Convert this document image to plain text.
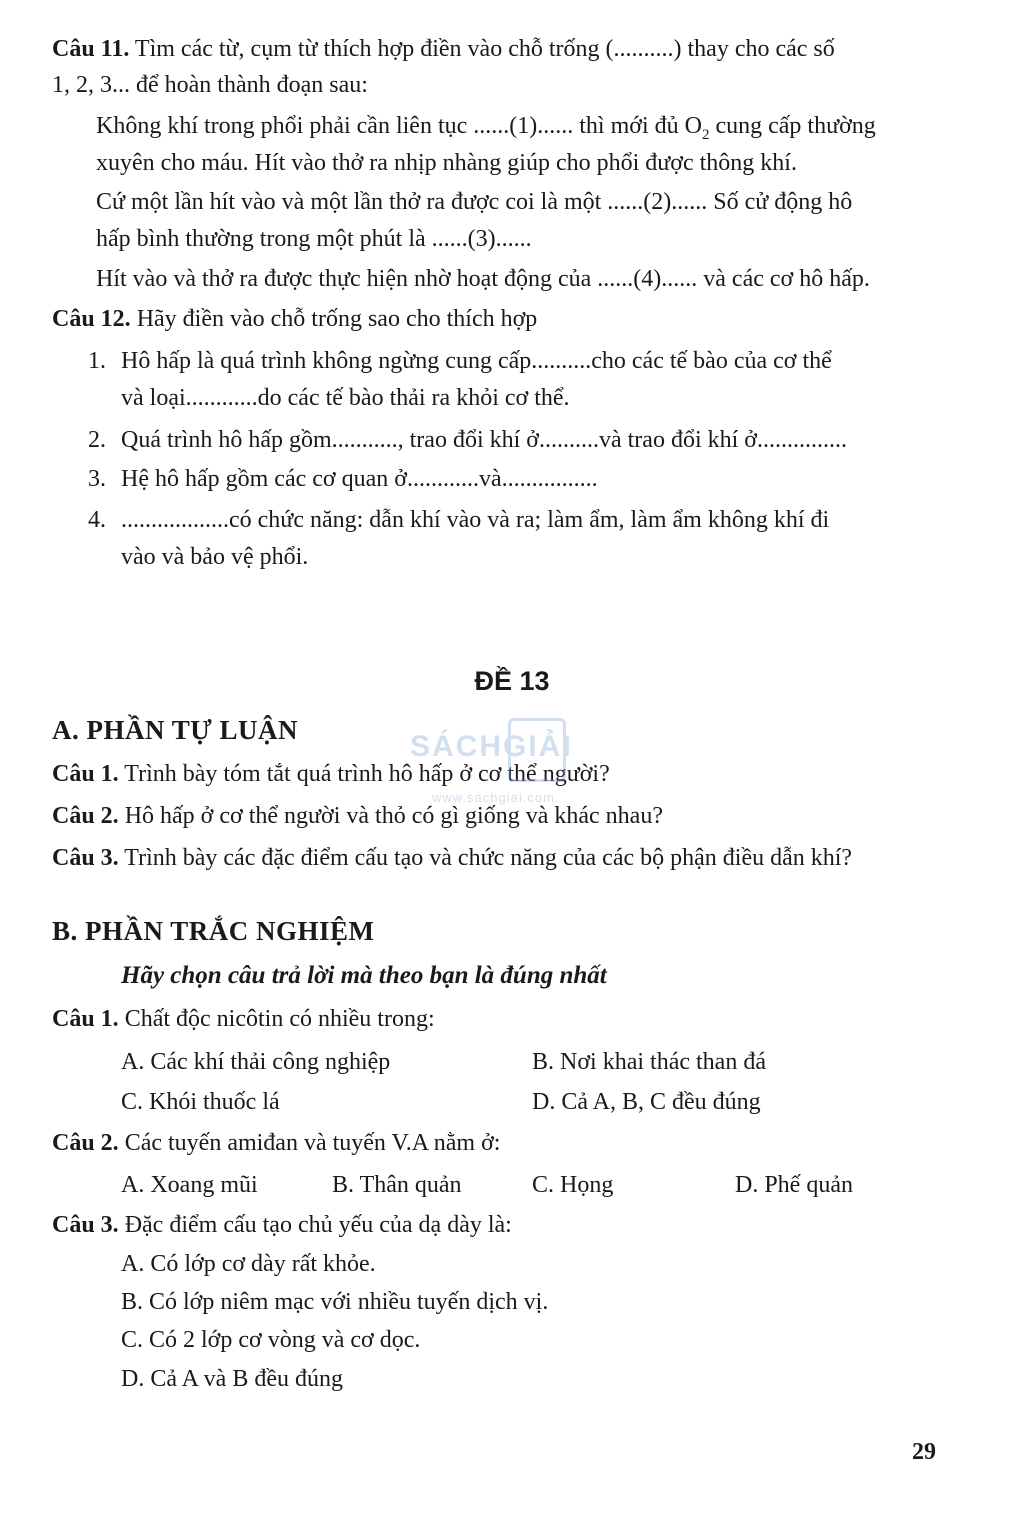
Câu 11. Tìm các từ, cụm từ thích hợp điền vào chỗ trống (..........) thay cho các số
1, 2, 3... để hoàn thành đoạn sau:
Không khí trong phổi phải cần liên tục ......(1)...... thì mới đủ $O_2$ cung cấp thường
xuyên cho máu. Hít vào thở ra nhịp nhàng giúp cho phổi được thông khí.
Cứ một lần hít vào và một lần thở ra được coi là một ......(2)...... Số cử động hô
hấp bình thường trong một phút là ......(3)......
Hít vào và thở ra được thực hiện nhờ hoạt động của ......(4)...... và các cơ hô hấp.
Câu 12. Hãy điền vào chỗ trống sao cho thích hợp
1. Hô hấp là quá trình không ngừng cung cấp..........cho các tế bào của cơ thể
và loại............do các tế bào thải ra khỏi cơ thể.
2. Quá trình hô hấp gồm..........., trao đổi khí ở..........và trao đổi khí ở...............
3. Hệ hô hấp gồm các cơ quan ở............và................
4. ..................có chức năng: dẫn khí vào và ra; làm ẩm, làm ẩm không khí đi
vào và bảo vệ phổi.
ĐỀ 13
A. PHẦN TỰ LUẬN
Câu 1. Trình bày tóm tắt quá trình hô hấp ở cơ thể người?
Câu 2. Hô hấp ở cơ thể người và thỏ có gì giống và khác nhau?
Câu 3. Trình bày các đặc điểm cấu tạo và chức năng của các bộ phận điều dẫn khí?
B. PHẦN TRẮC NGHIỆM
Hãy chọn câu trả lời mà theo bạn là đúng nhất
Câu 1. Chất độc nicôtin có nhiều trong:
A. Các khí thải công nghiệp	B. Nơi khai thác than đá
C. Khói thuốc lá	D. Cả A, B, C đều đúng
Câu 2. Các tuyến amiđan và tuyến V.A nằm ở:
A. Xoang mũi	B. Thân quản	C. Họng	D. Phế quản
Câu 3. Đặc điểm cấu tạo chủ yếu của dạ dày là:
A. Có lớp cơ dày rất khỏe.
B. Có lớp niêm mạc với nhiều tuyến dịch vị.
C. Có 2 lớp cơ vòng và cơ dọc.
D. Cả A và B đều đúng
SÁCHGIẢI
www.sachgiai.com
29
